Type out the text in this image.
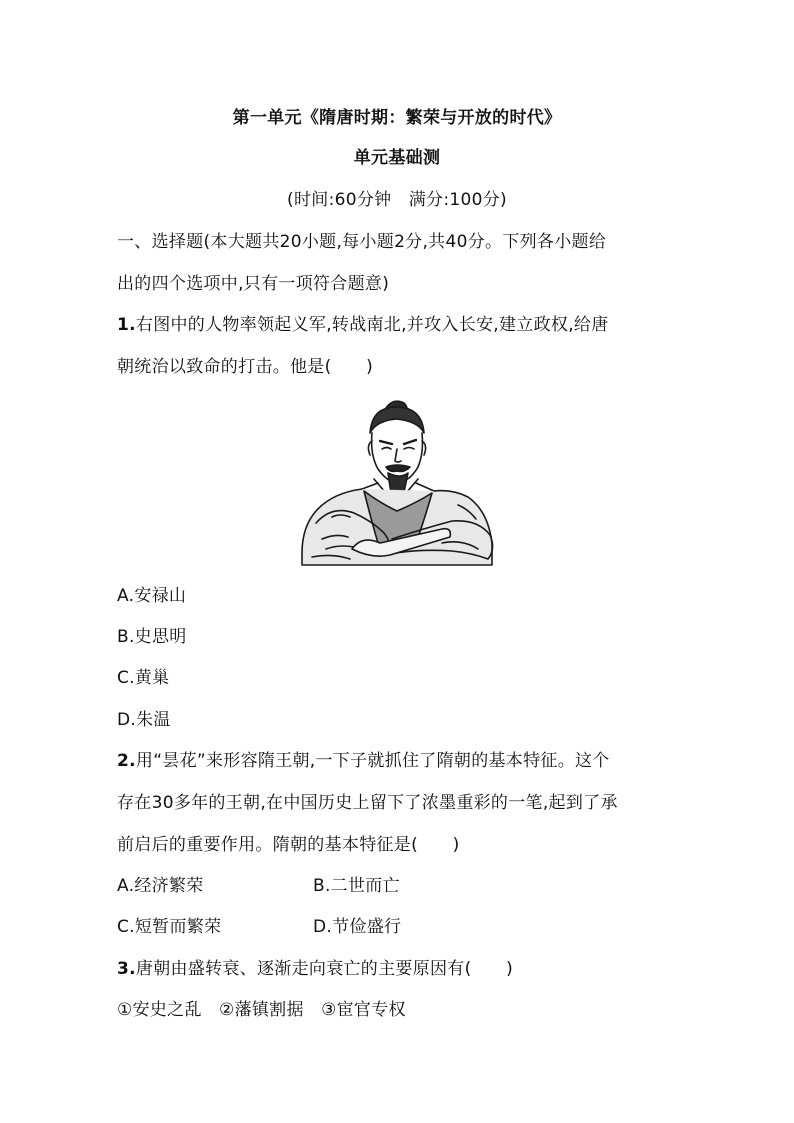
第一单元《隋唐时期：繁荣与开放的时代》
单元基础测
(时间:60分钟　满分:100分)
一、选择题(本大题共20小题,每小题2分,共40分。下列各小题给
出的四个选项中,只有一项符合题意)
1.右图中的人物率领起义军,转战南北,并攻入长安,建立政权,给唐
朝统治以致命的打击。他是(　　)
A.安禄山
B.史思明
C.黄巢
D.朱温
2.用“昙花”来形容隋王朝,一下子就抓住了隋朝的基本特征。这个
存在30多年的王朝,在中国历史上留下了浓墨重彩的一笔,起到了承
前启后的重要作用。隋朝的基本特征是(　　)
A.经济繁荣	B.二世而亡
C.短暂而繁荣	D.节俭盛行
3.唐朝由盛转衰、逐渐走向衰亡的主要原因有(　　)
①安史之乱　②藩镇割据　③宦官专权
